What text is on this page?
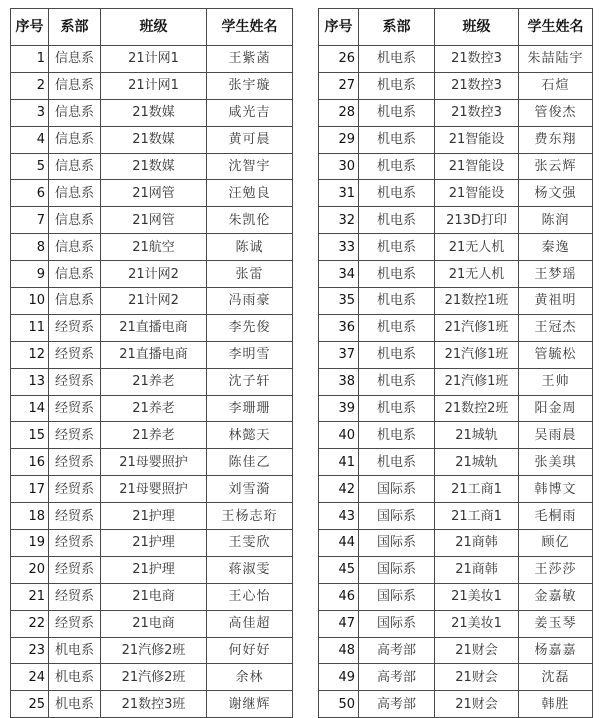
序号	系部	班级	学生姓名
1	信息系	21计网1	王紫菡
2	信息系	21计网1	张宇璇
3	信息系	21数媒	咸光吉
4	信息系	21数媒	黄可晨
5	信息系	21数媒	沈智宇
6	信息系	21网管	汪勉良
7	信息系	21网管	朱凯伦
8	信息系	21航空	陈诚
9	信息系	21计网2	张雷
10	信息系	21计网2	冯雨豪
11	经贸系	21直播电商	李先俊
12	经贸系	21直播电商	李明雪
13	经贸系	21养老	沈子轩
14	经贸系	21养老	李珊珊
15	经贸系	21养老	林懿天
16	经贸系	21母婴照护	陈佳乙
17	经贸系	21母婴照护	刘雪漪
18	经贸系	21护理	王杨志珩
19	经贸系	21护理	王雯欣
20	经贸系	21护理	蒋淑雯
21	经贸系	21电商	王心怡
22	经贸系	21电商	高佳超
23	机电系	21汽修2班	何好好
24	机电系	21汽修2班	余林
25	机电系	21数控3班	谢继辉
序号	系部	班级	学生姓名
26	机电系	21数控3	朱喆陆宇
27	机电系	21数控3	石煊
28	机电系	21数控3	管俊杰
29	机电系	21智能设	费东翔
30	机电系	21智能设	张云辉
31	机电系	21智能设	杨文强
32	机电系	213D打印	陈润
33	机电系	21无人机	秦逸
34	机电系	21无人机	王梦瑶
35	机电系	21数控1班	黄祖明
36	机电系	21汽修1班	王冠杰
37	机电系	21汽修1班	管毓松
38	机电系	21汽修1班	王帅
39	机电系	21数控2班	阳金周
40	机电系	21城轨	吴雨晨
41	机电系	21城轨	张美琪
42	国际系	21工商1	韩博文
43	国际系	21工商1	毛桐雨
44	国际系	21商韩	顾亿
45	国际系	21商韩	王莎莎
46	国际系	21美妆1	金嘉敏
47	国际系	21美妆1	姜玉琴
48	高考部	21财会	杨嘉嘉
49	高考部	21财会	沈磊
50	高考部	21财会	韩胜
